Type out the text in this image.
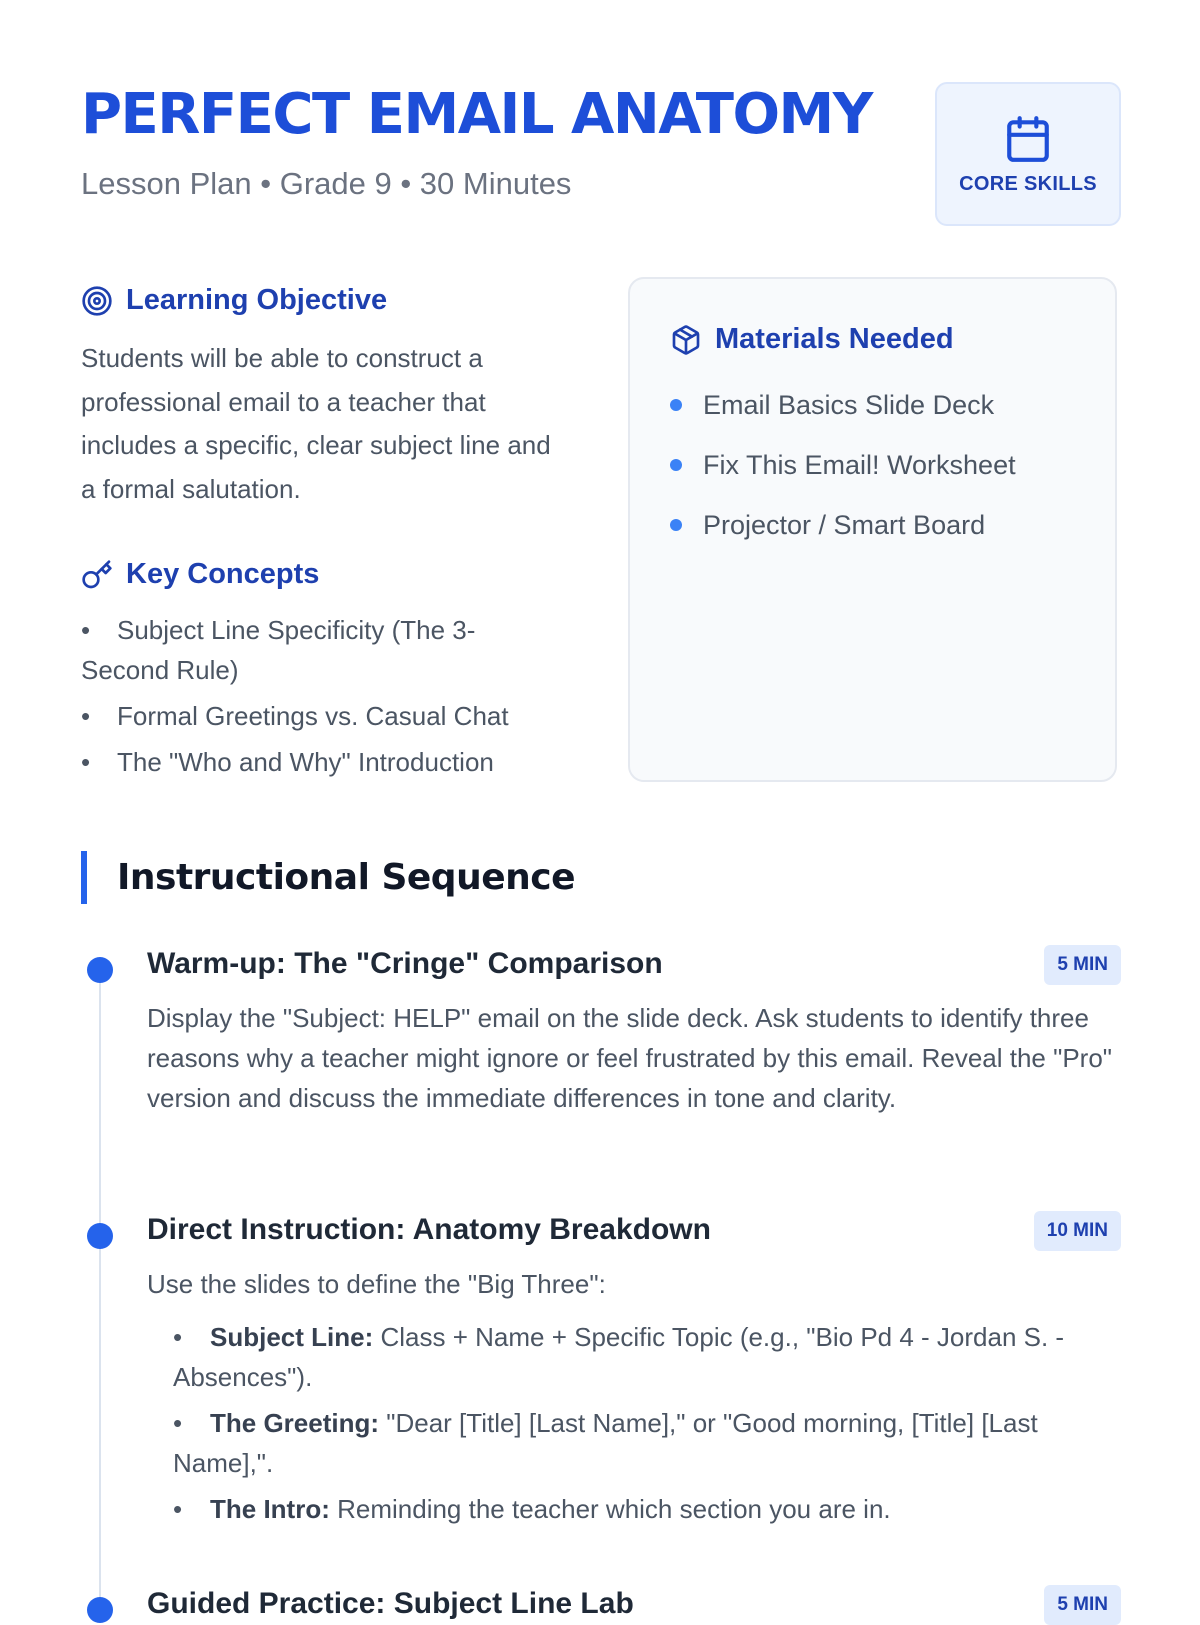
PERFECT EMAIL ANATOMY
Lesson Plan • Grade 9 • 30 Minutes	CORE SKILLS
Learning Objective
Students will be able to construct a professional email to a teacher that includes a specific, clear subject line and a formal salutation.
Key Concepts
• Subject Line Specificity (The 3-Second Rule)
• Formal Greetings vs. Casual Chat
• The "Who and Why" Introduction
Materials Needed
Email Basics Slide Deck
Fix This Email! Worksheet
Projector / Smart Board
Instructional Sequence
Warm-up: The "Cringe" Comparison	5 MIN
Display the "Subject: HELP" email on the slide deck. Ask students to identify three reasons why a teacher might ignore or feel frustrated by this email. Reveal the "Pro" version and discuss the immediate differences in tone and clarity.
Direct Instruction: Anatomy Breakdown	10 MIN
Use the slides to define the "Big Three":
• Subject Line: Class + Name + Specific Topic (e.g., "Bio Pd 4 - Jordan S. - Absences").
• The Greeting: "Dear [Title] [Last Name]," or "Good morning, [Title] [Last Name],".
• The Intro: Reminding the teacher which section you are in.
Guided Practice: Subject Line Lab	5 MIN
